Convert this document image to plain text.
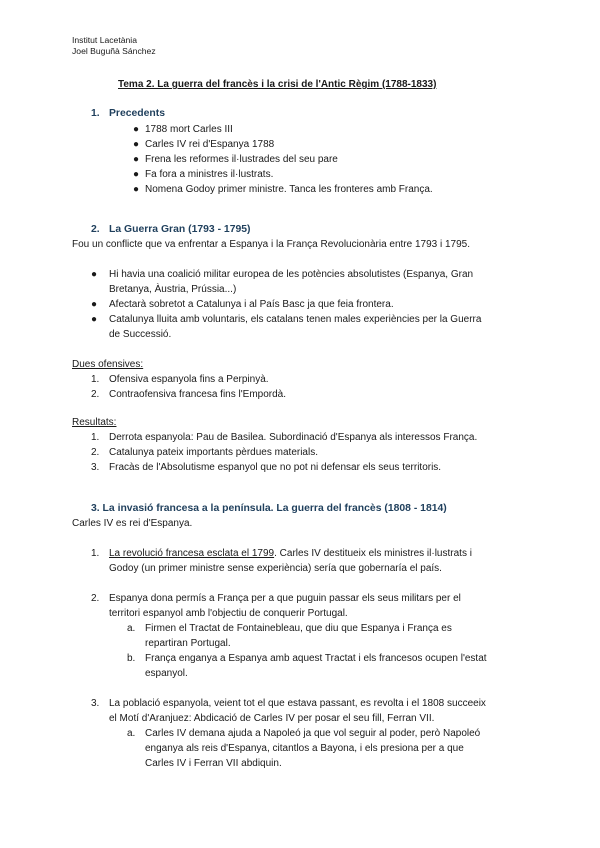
Institut Lacetània
Joel Buguñà Sánchez
Tema 2. La guerra del francès i la crisi de l'Antic Règim (1788-1833)
1. Precedents
● 1788 mort Carles III
● Carles IV rei d'Espanya 1788
● Frena les reformes il·lustrades del seu pare
● Fa fora a ministres il·lustrats.
● Nomena Godoy primer ministre. Tanca les fronteres amb França.
2. La Guerra Gran (1793 - 1795)
Fou un conflicte que va enfrentar a Espanya i la França Revolucionària entre 1793 i 1795.
● Hi havia una coalició militar europea de les potències absolutistes (Espanya, Gran
Bretanya, Àustria, Prússia...)
● Afectarà sobretot a Catalunya i al País Basc ja que feia frontera.
● Catalunya lluita amb voluntaris, els catalans tenen males experiències per la Guerra
de Successió.
Dues ofensives:
1. Ofensiva espanyola fins a Perpinyà.
2. Contraofensiva francesa fins l'Empordà.
Resultats:
1. Derrota espanyola: Pau de Basilea. Subordinació d'Espanya als interessos França.
2. Catalunya pateix importants pèrdues materials.
3. Fracàs de l'Absolutisme espanyol que no pot ni defensar els seus territoris.
3. La invasió francesa a la península. La guerra del francès (1808 - 1814)
Carles IV es rei d'Espanya.
1. La revolució francesa esclata el 1799. Carles IV destitueix els ministres il·lustrats i
Godoy (un primer ministre sense experiència) sería que gobernaría el país.
2. Espanya dona permís a França per a que puguin passar els seus militars per el
territori espanyol amb l'objectiu de conquerir Portugal.
a. Firmen el Tractat de Fontainebleau, que diu que Espanya i França es
repartiran Portugal.
b. França enganya a Espanya amb aquest Tractat i els francesos ocupen l'estat
espanyol.
3. La població espanyola, veient tot el que estava passant, es revolta i el 1808 succeeix
el Motí d'Aranjuez: Abdicació de Carles IV per posar el seu fill, Ferran VII.
a. Carles IV demana ajuda a Napoleó ja que vol seguir al poder, però Napoleó
enganya als reis d'Espanya, citantlos a Bayona, i els presiona per a que
Carles IV i Ferran VII abdiquin.
